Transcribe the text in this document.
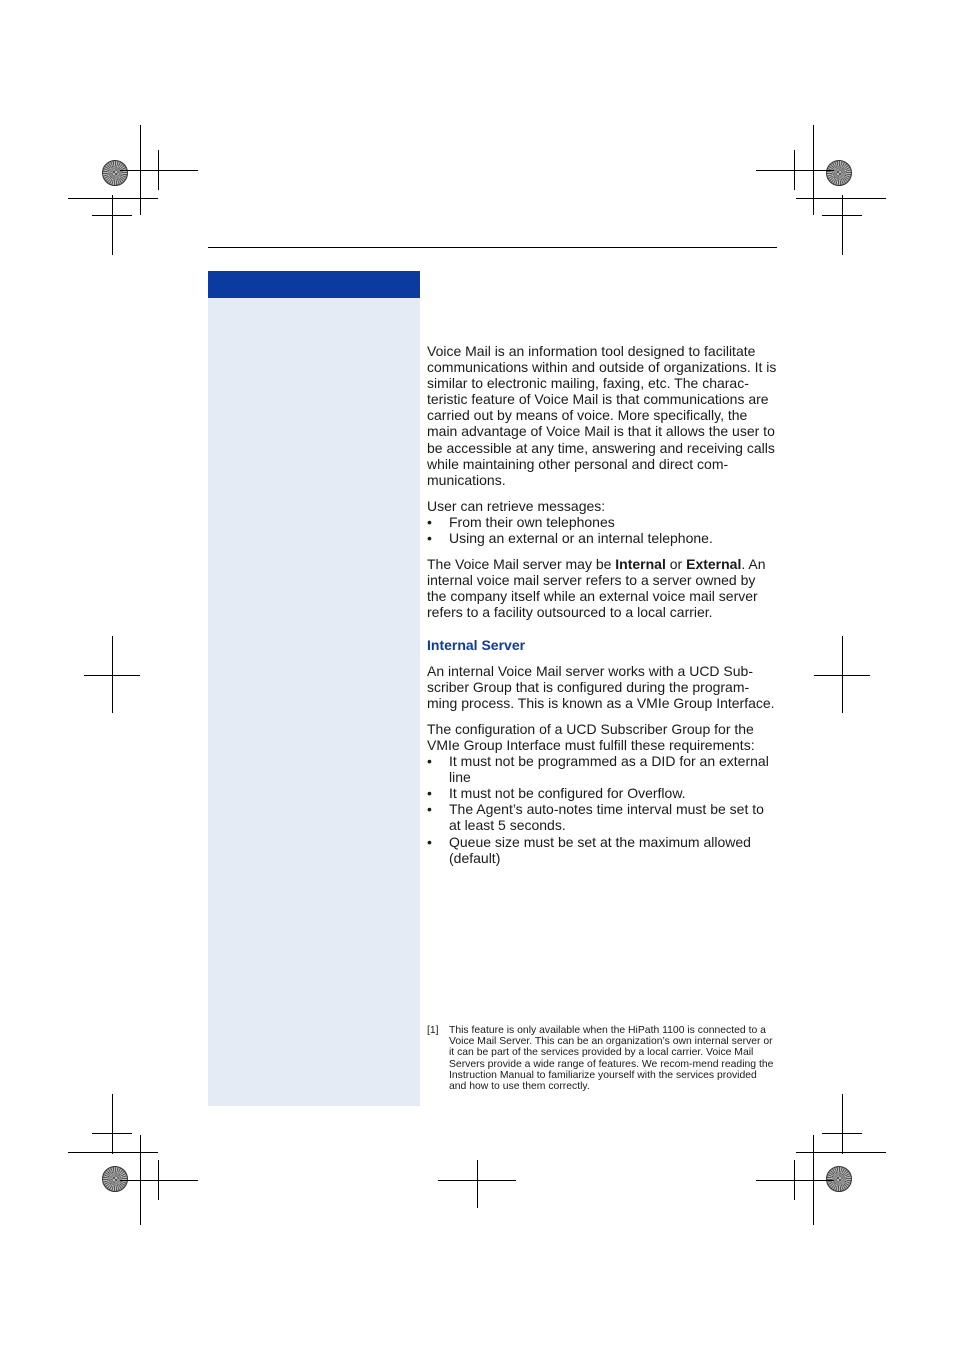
Voice Mail is an information tool designed to facilitate communications within and outside of organizations. It is similar to electronic mailing, faxing, etc. The charac-teristic feature of Voice Mail is that communications are carried out by means of voice. More specifically, the main advantage of Voice Mail is that it allows the user to be accessible at any time, answering and receiving calls while maintaining other personal and direct com-munications.

User can retrieve messages:

• From their own telephones
• Using an external or an internal telephone.

The Voice Mail server may be Internal or External. An internal voice mail server refers to a server owned by the company itself while an external voice mail server refers to a facility outsourced to a local carrier.

Internal Server

An internal Voice Mail server works with a UCD Sub-scriber Group that is configured during the program-ming process. This is known as a VMIe Group Interface.

The configuration of a UCD Subscriber Group for the VMIe Group Interface must fulfill these requirements:

• It must not be programmed as a DID for an external line
• It must not be configured for Overflow.
• The Agent’s auto-notes time interval must be set to at least 5 seconds.
• Queue size must be set at the maximum allowed (default)
[1]	This feature is only available when the HiPath 1100 is connected to a Voice Mail Server. This can be an organization’s own internal server or it can be part of the services provided by a local carrier. Voice Mail Servers provide a wide range of features. We recom-mend reading the Instruction Manual to familiarize yourself with the services provided and how to use them correctly.
